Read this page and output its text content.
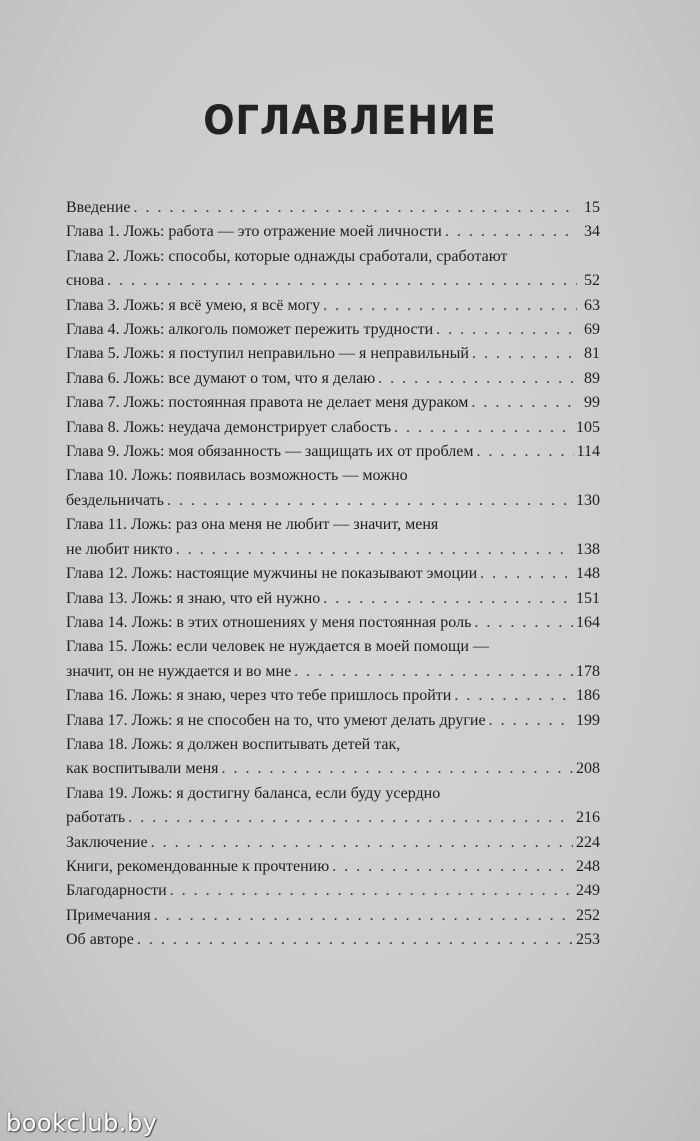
ОГЛАВЛЕНИЕ
Введение . . .	15
Глава 1. Ложь: работа — это отражение моей личности . . .	34
Глава 2. Ложь: способы, которые однажды сработали, сработают
снова . . .	52
Глава 3. Ложь: я всё умею, я всё могу . . .	63
Глава 4. Ложь: алкоголь поможет пережить трудности . . .	69
Глава 5. Ложь: я поступил неправильно — я неправильный . . .	81
Глава 6. Ложь: все думают о том, что я делаю . . .	89
Глава 7. Ложь: постоянная правота не делает меня дураком . . .	99
Глава 8. Ложь: неудача демонстрирует слабость . . .	105
Глава 9. Ложь: моя обязанность — защищать их от проблем . . .	114
Глава 10. Ложь: появилась возможность — можно
бездельничать . . .	130
Глава 11. Ложь: раз она меня не любит — значит, меня
не любит никто . . .	138
Глава 12. Ложь: настоящие мужчины не показывают эмоции . . .	148
Глава 13. Ложь: я знаю, что ей нужно . . .	151
Глава 14. Ложь: в этих отношениях у меня постоянная роль . . .	164
Глава 15. Ложь: если человек не нуждается в моей помощи —
значит, он не нуждается и во мне . . .	178
Глава 16. Ложь: я знаю, через что тебе пришлось пройти . . .	186
Глава 17. Ложь: я не способен на то, что умеют делать другие . . .	199
Глава 18. Ложь: я должен воспитывать детей так,
как воспитывали меня . . .	208
Глава 19. Ложь: я достигну баланса, если буду усердно
работать . . .	216
Заключение . . .	224
Книги, рекомендованные к прочтению . . .	248
Благодарности . . .	249
Примечания . . .	252
Об авторе . . .	253
bookclub.by
